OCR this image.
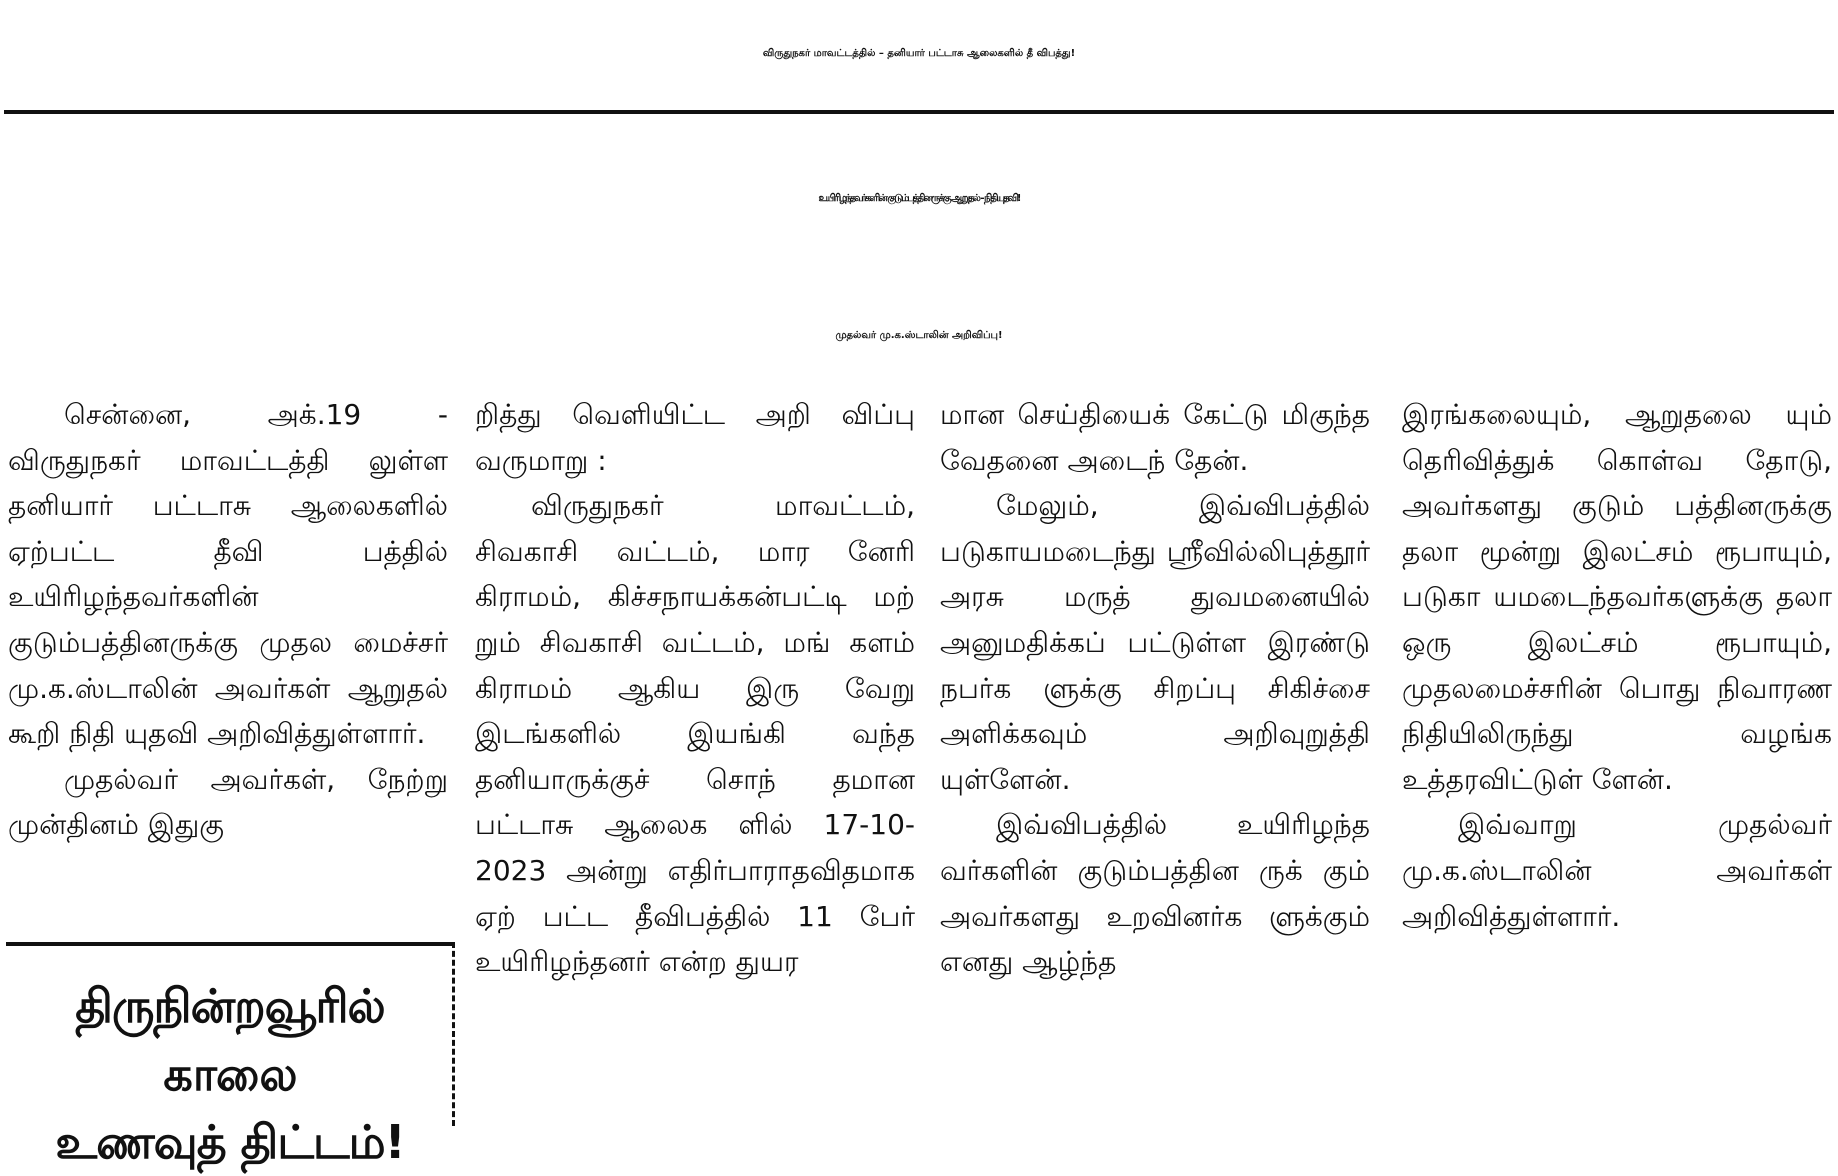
விருதுநகர் மாவட்டத்தில் – தனியார் பட்டாசு ஆலைகளில் தீ விபத்து!
உயிரிழந்தவர்களின் குடும்பத்தினருக்கு ஆறுதல் - நிதியுதவி!
முதல்வர் மு.க.ஸ்டாலின் அறிவிப்பு!

சென்னை, அக்.19 - விருதுநகர் மாவட்டத்தி லுள்ள தனியார் பட்டாசு ஆலைகளில் ஏற்பட்ட தீவி பத்தில் உயிரிழந்தவர்களின் குடும்பத்தினருக்கு முதல மைச்சர் மு.க.ஸ்டாலின் அவர்கள் ஆறுதல் கூறி நிதி யுதவி அறிவித்துள்ளார்.

முதல்வர் அவர்கள், நேற்று முன்தினம் இதுகு

றித்து வெளியிட்ட அறி விப்பு வருமாறு :

விருதுநகர் மாவட்டம், சிவகாசி வட்டம், மார னேரி கிராமம், கிச்சநாயக்கன்பட்டி மற் றும் சிவகாசி வட்டம், மங் களம் கிராமம் ஆகிய இரு வேறு இடங்களில் இயங்கி வந்த தனியாருக்குச் சொந் தமான பட்டாசு ஆலைக ளில் 17-10-2023 அன்று எதிர்பாராதவிதமாக ஏற் பட்ட தீவிபத்தில் 11 பேர் உயிரிழந்தனர் என்ற துயர

மான செய்தியைக் கேட்டு மிகுந்த வேதனை அடைந் தேன்.

மேலும், இவ்விபத்தில் படுகாயமடைந்து ஸ்ரீவில்லிபுத்தூர் அரசு மருத் துவமனையில் அனுமதிக்கப் பட்டுள்ள இரண்டு நபர்க ளுக்கு சிறப்பு சிகிச்சை அளிக்கவும் அறிவுறுத்தி யுள்ளேன்.

இவ்விபத்தில் உயிரிழந்த வர்களின் குடும்பத்தின ருக் கும் அவர்களது உறவினர்க ளுக்கும் எனது ஆழ்ந்த

இரங்கலையும், ஆறுதலை யும் தெரிவித்துக் கொள்வ தோடு, அவர்களது குடும் பத்தினருக்கு தலா மூன்று இலட்சம் ரூபாயும், படுகா யமடைந்தவர்களுக்கு தலா ஒரு இலட்சம் ரூபாயும், முதலமைச்சரின் பொது நிவாரண நிதியிலிருந்து வழங்க உத்தரவிட்டுள் ளேன்.

இவ்வாறு முதல்வர் மு.க.ஸ்டாலின் அவர்கள் அறிவித்துள்ளார்.

திருநின்றவூரில் காலை
உணவுத் திட்டம்!
